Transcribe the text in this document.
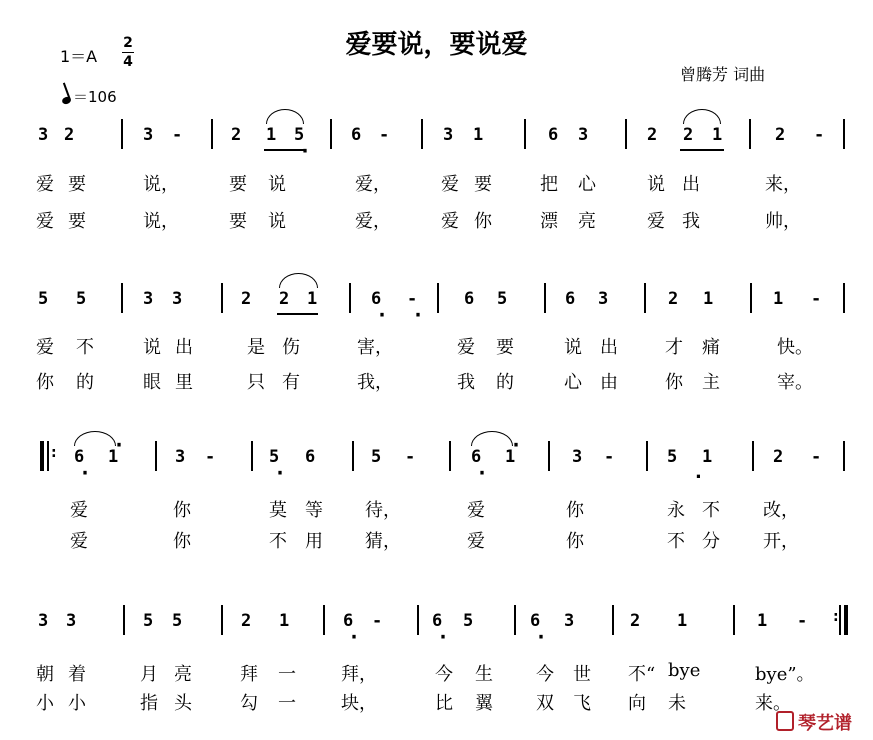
爱要说，要说爱
曾腾芳 词曲
1＝A
2
4
＝106
3 2	3 -	2 1 5 ·	6 -	3 1	6 3	2 2 1	2 -
爱 要	说，	要 说	爱，	爱 要	把 心	说 出	来，
爱 要	说，	要 说	爱，	爱 你	漂 亮	爱 我	帅，
5 5	3 3	2 2 1	6 · - ·	6 5	6 3	2 1	1 -
爱 不	说 出	是 伤	害，	爱 要	说 出	才 痛	快。
你 的	眼 里	只 有	我，	我 的	心 由	你 主	宰。
6 · · 1	3 -	5 · 6	5 -	6 · · 1	3 -	5 1	2 -
.
:
爱	你	莫 等 待，	爱	你	永 不 改，
爱	你	不 用 猜，	爱	你	不 分 开，
3 3	5 5	2 1	6 · -	6 · 5	6 · 3	2 1	1 - :
朝 着	月 亮	拜 一	拜，	今 生 今 世 不“ bye	bye”。
小 小	指 头	勾 一	块，	比 翼 双 飞 向 未	来。
琴艺谱
